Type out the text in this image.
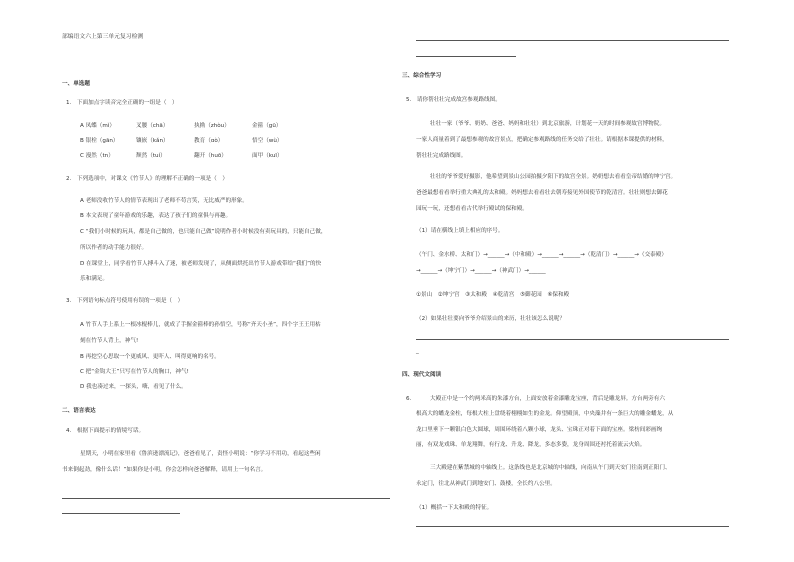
部编语文六上第三单元复习检测
一、单选题
1.　下面加点字读音完全正确的一组是（　）
A 凤蝶（mì）	叉腰（chā）	执拗（zhòu）	金箍（gū）
B 银栓（gān）	镶嵌（kǎn）	教育（ɑò）	悟空（wù）
C 漫然（tn）	颓然（tuí）	翻开（huō）	面甲（kuī）
2.　下列选项中，对课文《竹节人》的理解不正确的一项是（　）
A 老师没收竹节人的情节表现出了老师不苟言笑，无比威严的形象。
B 本文表现了童年游戏的乐趣，表达了孩子们的童俱与再趣。
C “我们小时候的玩具，都是自己做的，也只能自己做”说明作者小时候没有卖玩具的，只能自己做，
所以作者的动手能力很好。
D 在课堂上，同学看竹节人搏斗入了迷，被老师发现了，从侧面烘托出竹节人游戏带给“我们”的快
乐和满足。
3.　下列语句标点符号使用有误的一项是（　）
A 竹节人手上系上一根冰棍棒儿，就成了手握金箍棒的孙悟空，号称“齐天小圣”，四个字王王用枯
刻在竹节人背上，神气!
B 再挖空心思取一个更威风、更吓人、叫得更响的名号。
C 把“金钩大王”只写在竹节人的胸口，神气!
D 我也凑过来，一探头，嗨，看见了什么。
二、语言表达
4.　根据下面提示的情境写话。
星期天，小明在家里看《鲁滨逊漂流记》，爸爸看见了，责怪小明说：“你学习不用功，看起这些闲
书来倒起劲，像什么话！”如果你是小明，你会怎样向爸爸解释，请用上一句名言。
三、综合性学习
5.　请你帮壮壮完成故宫参观路线图。
壮壮一家（爷爷、奶奶、爸爸、妈妈和壮壮）到北京旅游，计划花一天的时间参观故宫博物院。
一家人商量着到了最想参观的故宫景点，把确定参观路线的任务交给了壮壮。请根据本课提供的材料，
帮壮壮完成路线图。
壮壮的爷爷爱好摄影，他希望到景山公园拍摄夕阳下的故宫全景。奶奶想去看看皇帝结婚的坤宁宫。
爸爸最想看看举行重大典礼的太和殿。妈妈想去看看壮去朝寿接见外国使节的乾清宫。壮壮则想去御花
园玩一玩，还想看看古代举行殿试的保和殿。
（1）请在横线上填上相应的序号。
（午门、金水桥、太和门）→______→（中和殿）→______→______→（乾清门）→______→（交泰殿）
→______→（坤宁门）→______→（神武门）→______
①景山　②坤宁宫　③太和殿　④乾清宫　⑤御花园　⑥保和殿
（2）如果壮壮要向爷爷介绍景山的来历，壮壮该怎么说呢？
_
四、现代文阅读
6.	大殿正中是一个约两米高的朱漆方台，上面安放着金漆雕龙宝座，背后是雕龙屏。方台两旁有六
根高大的蟠龙金柱，每根大柱上盘绕着栩栩如生的金龙。仰望殿顶，中央藻井有一条巨大的雕金蟠龙，从
龙口里垂下一颗银白色大圆球，周围环绕着八颗小球，龙头、宝珠正对着下面的宝座。梁枋间彩画绚
丽，有双龙戏珠、单龙翔舞，有行龙、升龙、降龙，多态多姿，龙身周围还衬托着流云火焰。
三大殿建在紫禁城的中轴线上。这条线也是北京城的中轴线，向南从午门到天安门往南到正阳门、
永定门，往北从神武门到地安门、鼓楼，全长约八公里。
（1）概括一下太和殿的特征。
